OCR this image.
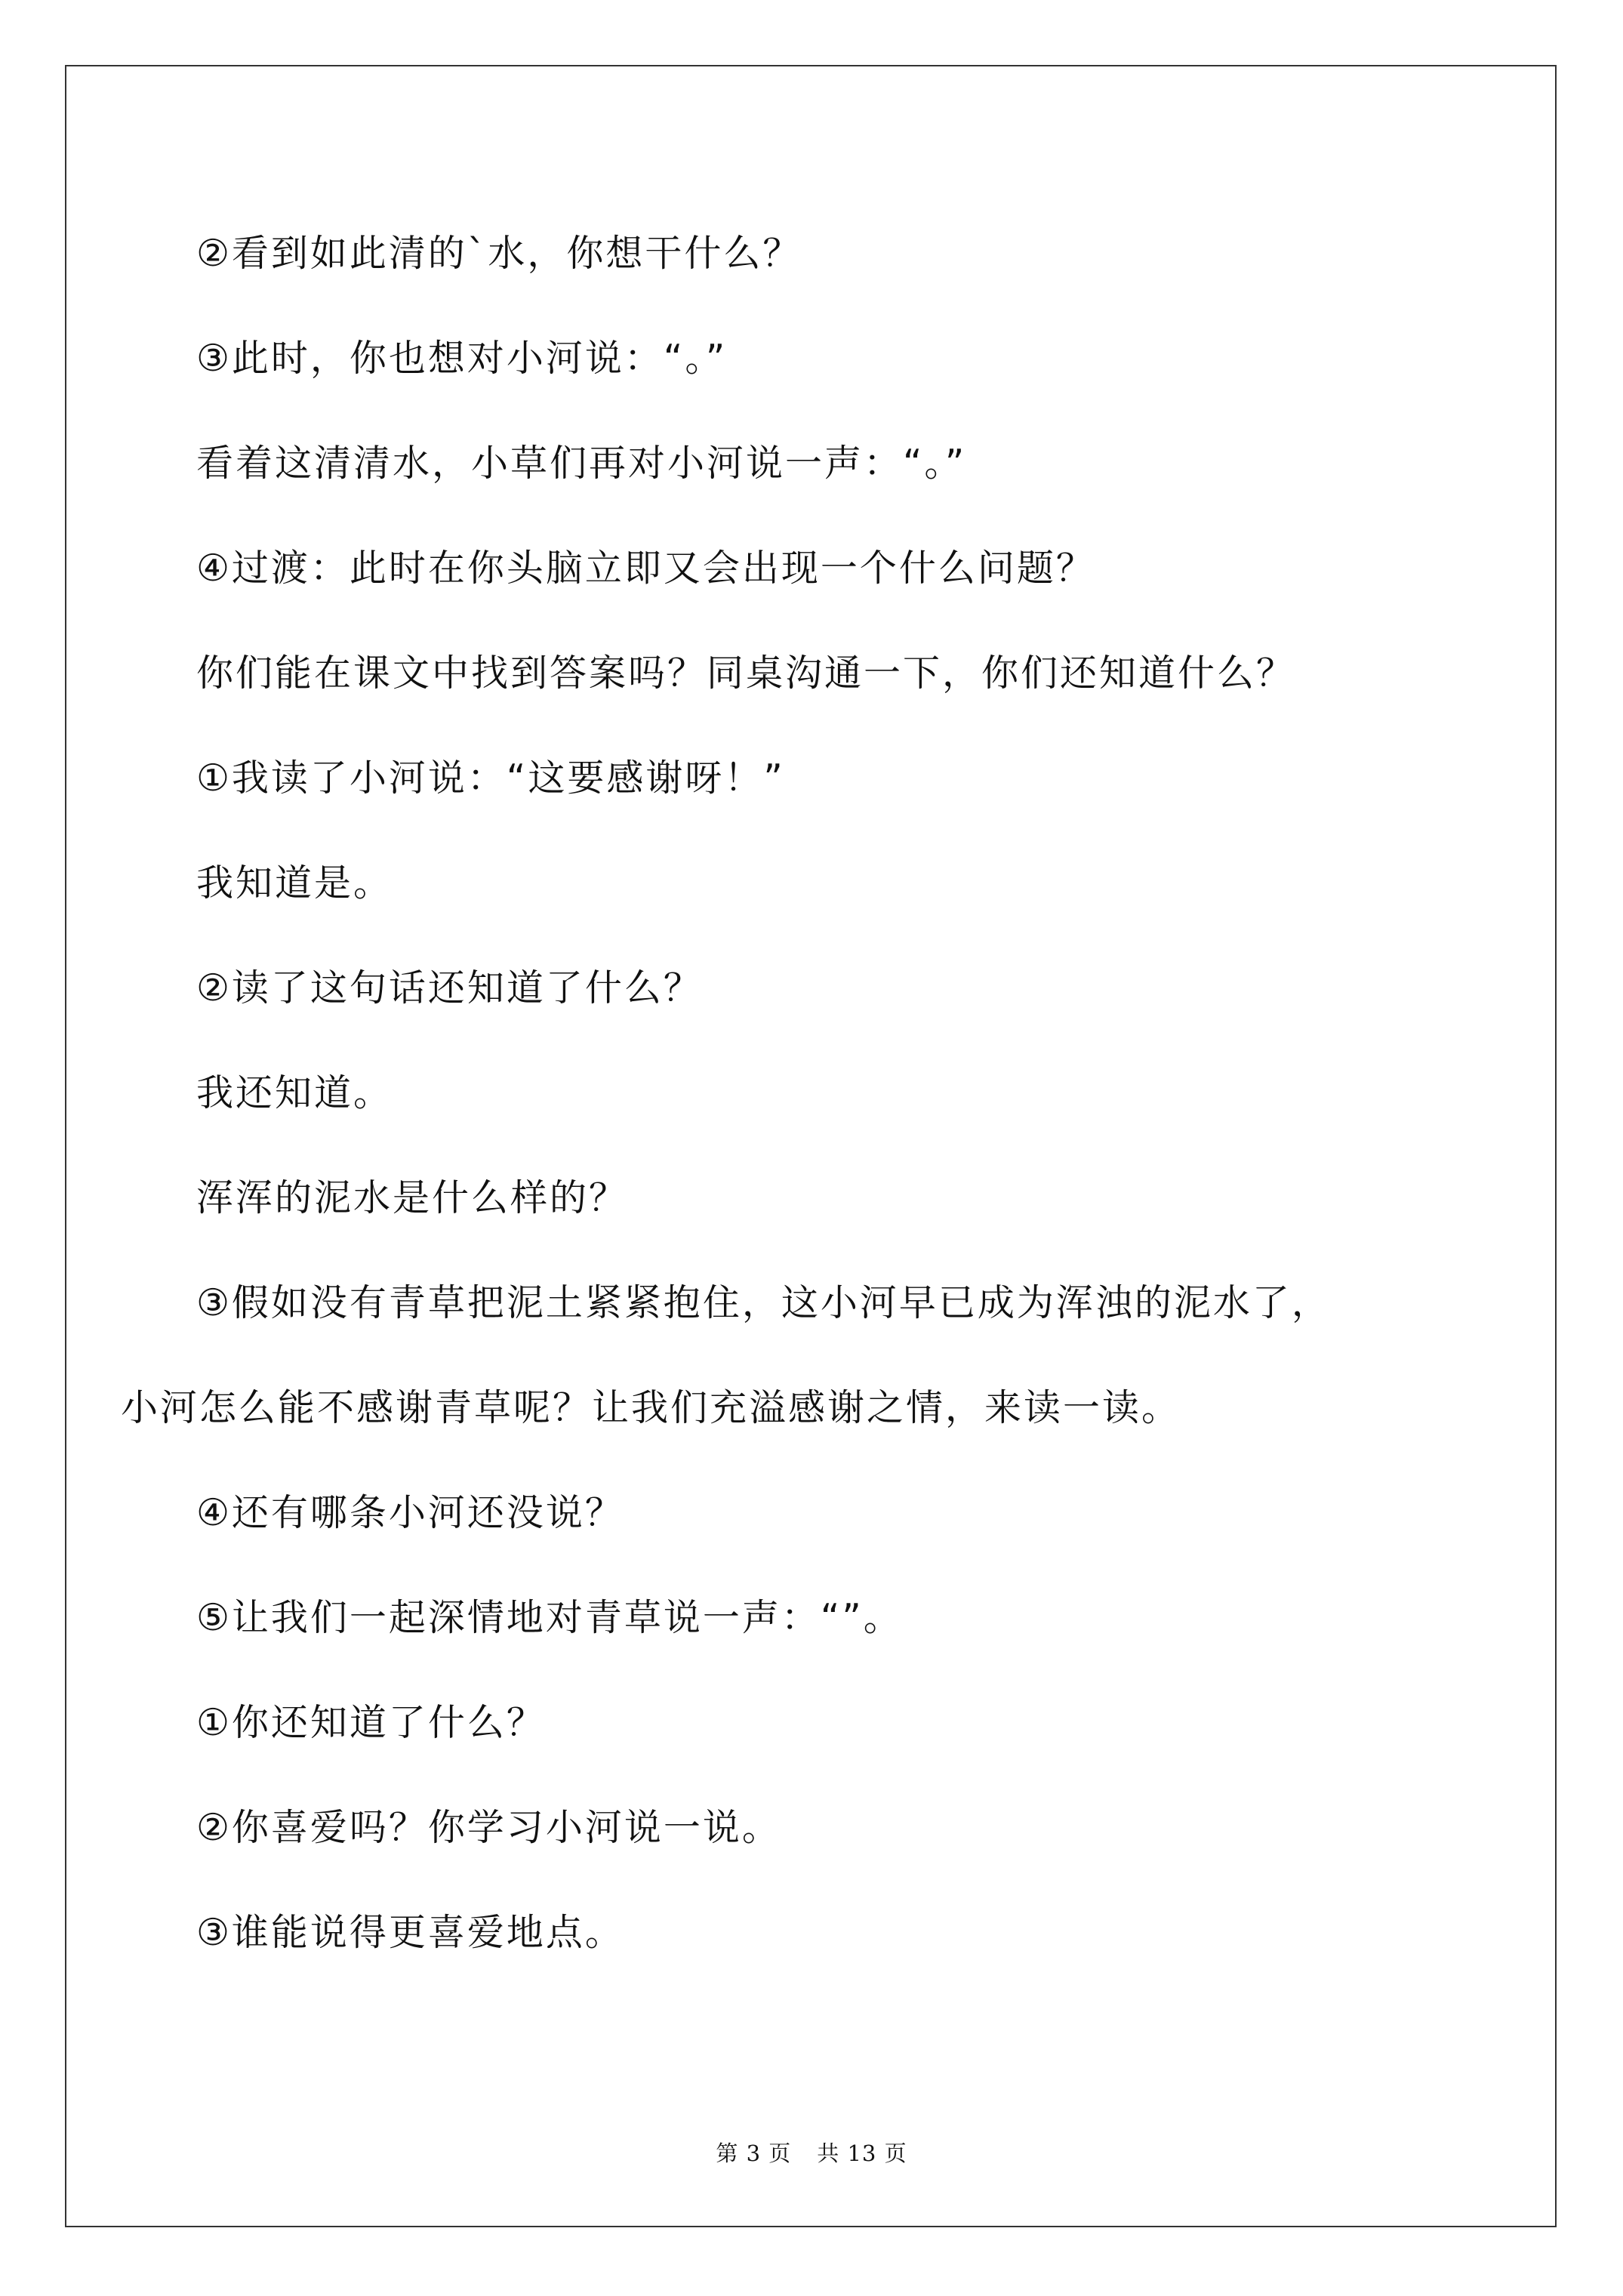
②看到如此清的`水，你想干什么？
③此时，你也想对小河说：“。”
看着这清清水，小草们再对小河说一声：“。”
④过渡：此时在你头脑立即又会出现一个什么问题？
你们能在课文中找到答案吗？同桌沟通一下，你们还知道什么？
①我读了小河说：“这要感谢呀！”
我知道是。
②读了这句话还知道了什么？
我还知道。
浑浑的泥水是什么样的？
③假如没有青草把泥土紧紧抱住，这小河早已成为浑浊的泥水了，
小河怎么能不感谢青草呢？让我们充溢感谢之情，来读一读。
④还有哪条小河还没说？
⑤让我们一起深情地对青草说一声：“”。
①你还知道了什么？
②你喜爱吗？你学习小河说一说。
③谁能说得更喜爱地点。
第 3 页 共 13 页
